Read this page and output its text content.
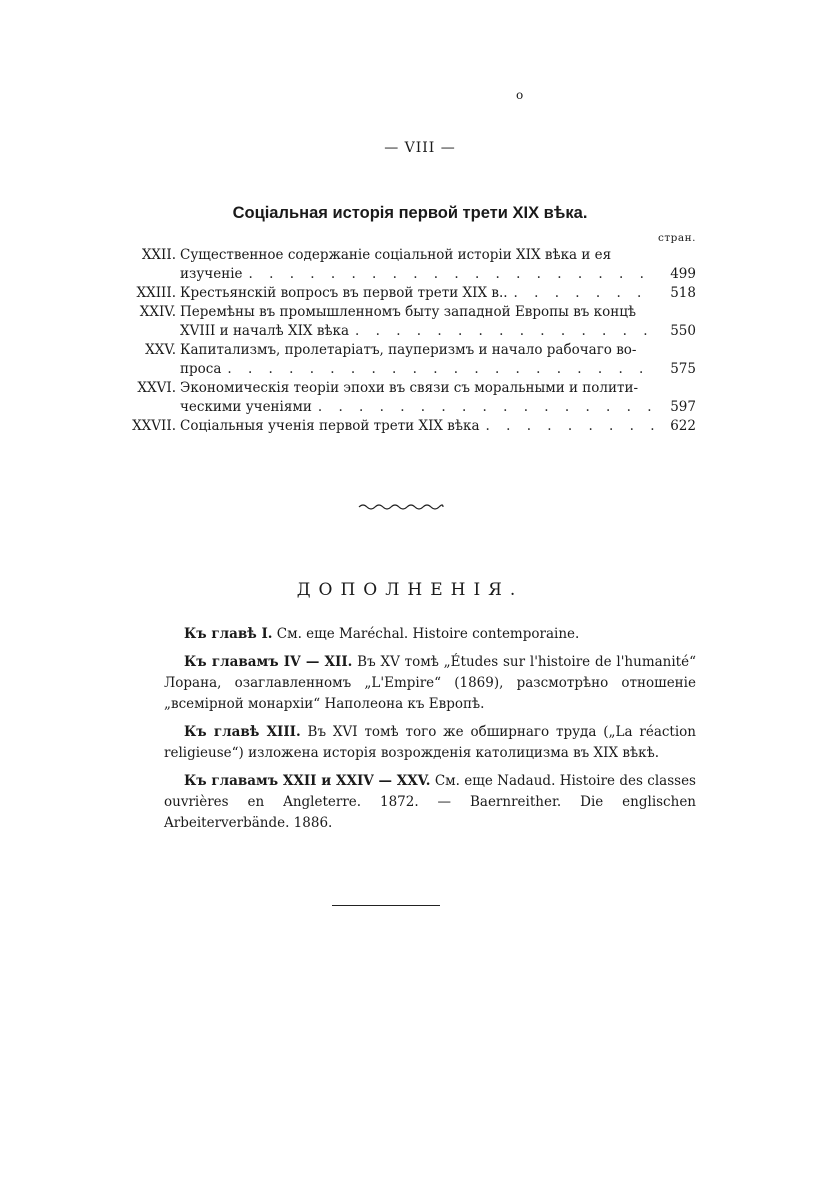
o
— VIII —
Соціальная исторія первой трети XIX вѣка.
стран.
XXII. Существенное содержаніе соціальной исторіи XIX вѣка и ея
изученіе . . .	499
XXIII. Крестьянскій вопросъ въ первой трети XIX в.. . . .	518
XXIV. Перемѣны въ промышленномъ быту западной Европы въ концѣ
XVIII и началѣ XIX вѣка . . .	550
XXV. Капитализмъ, пролетаріатъ, пауперизмъ и начало рабочаго во-
проса . . .	575
XXVI. Экономическія теоріи эпохи въ связи съ моральными и полити-
ческими ученіями . . .	597
XXVII. Соціальныя ученія первой трети XIX вѣка . . .	622
ДОПОЛНЕНІЯ.

Къ главѣ I. См. еще Maréchal. Histoire contemporaine.

Къ главамъ IV — XII. Въ XV томѣ „Études sur l'histoire de l'humanité“ Лорана, озаглавленномъ „L'Empire“ (1869), разсмотрѣно отношеніе „всемірной монархіи“ Наполеона къ Европѣ.

Къ главѣ XIII. Въ XVI томѣ того же обширнаго труда („La réaction religieuse“) изложена исторія возрожденія католицизма въ XIX вѣкѣ.

Къ главамъ XXII и XXIV — XXV. См. еще Nadaud. Histoire des classes ouvrières en Angleterre. 1872. — Baernreither. Die englischen Arbeiterverbände. 1886.
